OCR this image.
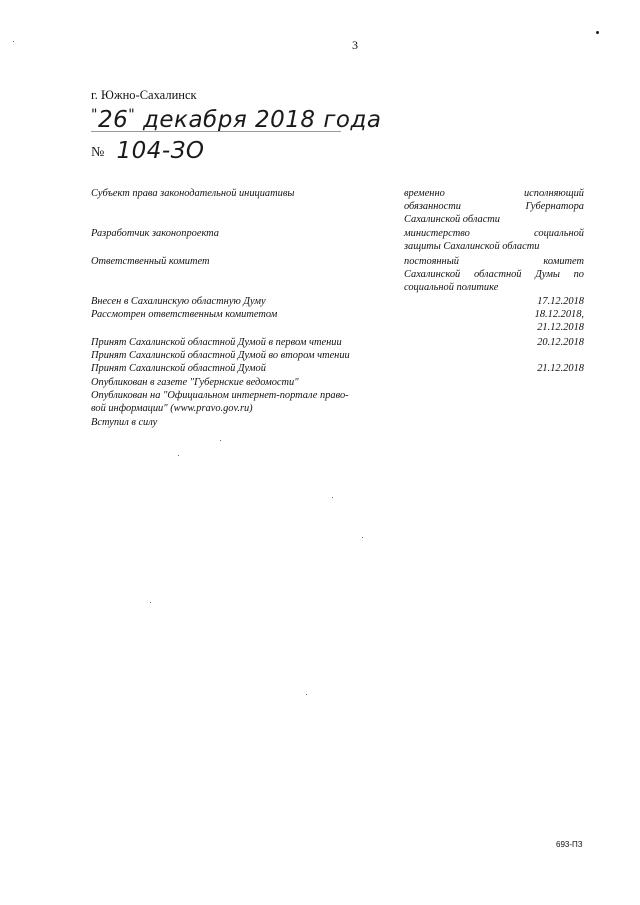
3
г. Южно-Сахалинск
"26" декабря 2018 года
№ 104-ЗО
Субъект права законодательной инициативы
Разработчик законопроекта
Ответственный комитет
Внесен в Сахалинскую областную Думу
Рассмотрен ответственным комитетом
Принят Сахалинской областной Думой в первом чтении
Принят Сахалинской областной Думой во втором чтении
Принят Сахалинской областной Думой
Опубликован в газете "Губернские ведомости"
Опубликован на "Официальном интернет-портале право-
вой информации" (www.pravo.gov.ru)
Вступил в силу
временно исполняющий
обязанности Губернатора
Сахалинской области
министерство социальной
защиты Сахалинской области
постоянный комитет
Сахалинской областной Думы по
социальной политике
17.12.2018
18.12.2018,
21.12.2018
20.12.2018
21.12.2018
693-ПЗ
